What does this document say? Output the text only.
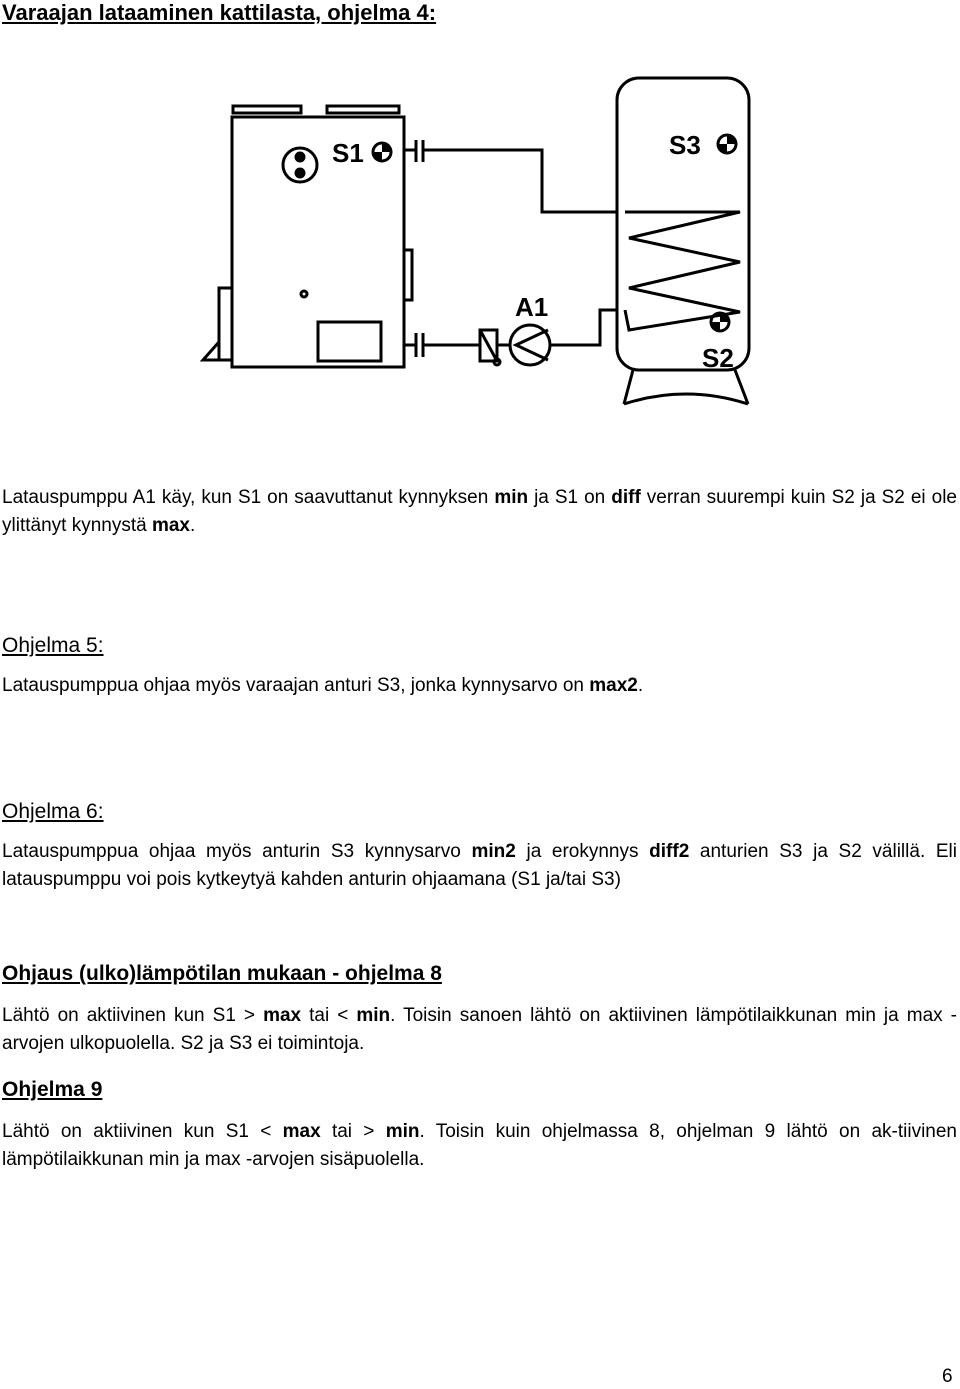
Varaajan lataaminen kattilasta, ohjelma 4:
S1	S3
S2
A1

Latauspumppu A1 käy, kun S1 on saavuttanut kynnyksen min ja S1 on diff verran suurempi kuin S2 ja S2 ei ole ylittänyt kynnystä max.

Ohjelma 5:

Latauspumppua ohjaa myös varaajan anturi S3, jonka kynnysarvo on max2.

Ohjelma 6:

Latauspumppua ohjaa myös anturin S3 kynnysarvo min2 ja erokynnys diff2 anturien S3 ja S2 välillä. Eli latauspumppu voi pois kytkeytyä kahden anturin ohjaamana (S1 ja/tai S3)

Ohjaus (ulko)lämpötilan mukaan - ohjelma 8

Lähtö on aktiivinen kun S1 > max tai < min. Toisin sanoen lähtö on aktiivinen lämpötilaikkunan min ja max -arvojen ulkopuolella. S2 ja S3 ei toimintoja.

Ohjelma 9

Lähtö on aktiivinen kun S1 < max tai > min. Toisin kuin ohjelmassa 8, ohjelman 9 lähtö on ak-tiivinen lämpötilaikkunan min ja max -arvojen sisäpuolella.

6
